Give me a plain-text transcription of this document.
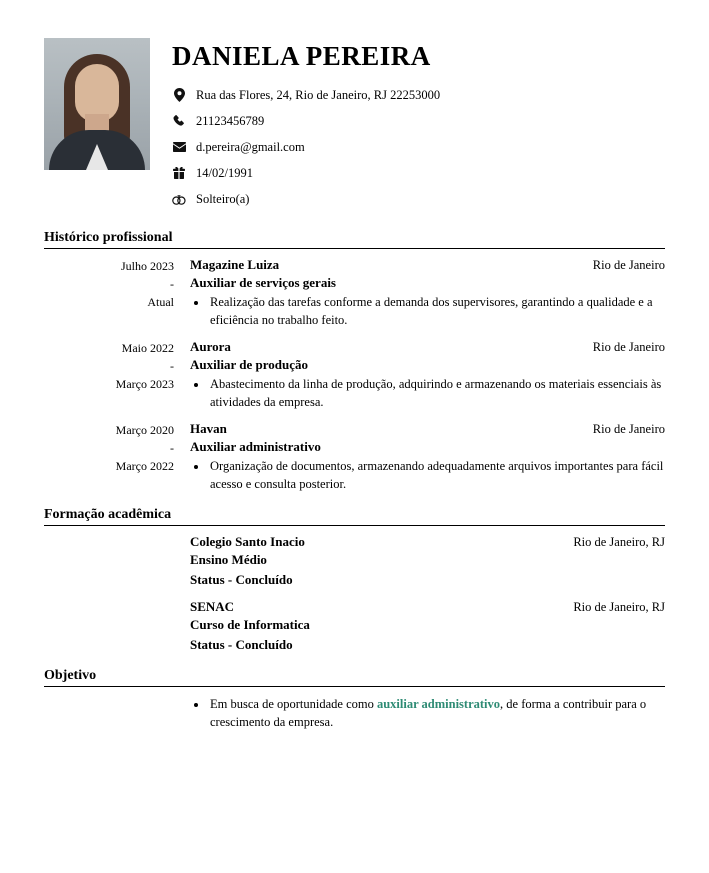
DANIELA PEREIRA
Rua das Flores, 24, Rio de Janeiro, RJ 22253000
21123456789
d.pereira@gmail.com
14/02/1991
Solteiro(a)
Histórico profissional
Julho 2023
-
Atual
Magazine Luiza	Rio de Janeiro
Auxiliar de serviços gerais
• Realização das tarefas conforme a demanda dos supervisores, garantindo a qualidade e a eficiência no trabalho feito.
Maio 2022
-
Março 2023
Aurora	Rio de Janeiro
Auxiliar de produção
• Abastecimento da linha de produção, adquirindo e armazenando os materiais essenciais às atividades da empresa.
Março 2020
-
Março 2022
Havan	Rio de Janeiro
Auxiliar administrativo
• Organização de documentos, armazenando adequadamente arquivos importantes para fácil acesso e consulta posterior.
Formação acadêmica
Colegio Santo Inacio	Rio de Janeiro, RJ
Ensino Médio
Status - Concluído
SENAC	Rio de Janeiro, RJ
Curso de Informatica
Status - Concluído
Objetivo
• Em busca de oportunidade como auxiliar administrativo, de forma a contribuir para o crescimento da empresa.
